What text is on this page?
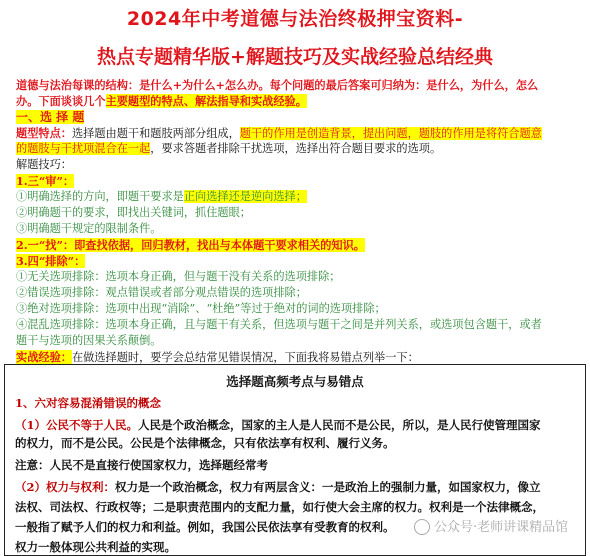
2024年中考道德与法治终极押宝资料-
热点专题精华版+解题技巧及实战经验总结经典
道德与法治每课的结构：是什么+为什么+怎么办。每个问题的最后答案可归纳为：是什么，为什么，怎么
办。下面谈谈几个主要题型的特点、解法指导和实战经验。
一、选 择 题
题型特点：选择题由题干和题肢两部分组成，题干的作用是创造背景，提出问题，题肢的作用是将符合题意
的题肢与干扰项混合在一起，要求答题者排除干扰选项，选择出符合题目要求的选项。
解题技巧：
1.三“审”：
①明确选择的方向，即题干要求是正向选择还是逆向选择；
②明确题干的要求，即找出关键词，抓住题眼；
③明确题干规定的限制条件。
2.一“找”：即查找依据，回归教材，找出与本体题干要求相关的知识。
3.四“排除”：
①无关选项排除：选项本身正确，但与题干没有关系的选项排除；
②错误选项排除：观点错误或者部分观点错误的选项排除；
③绝对选项排除：选项中出现“消除”、“杜绝”等过于绝对的词的选项排除；
④混乱选项排除：选项本身正确，且与题干有关系，但选项与题干之间是并列关系，或选项包含题干，或者
题干与选项的因果关系颠倒。
实战经验：在做选择题时，要学会总结常见错误情况，下面我将易错点列举一下：
选择题高频考点与易错点
1、六对容易混淆错误的概念
（1）公民不等于人民。人民是个政治概念，国家的主人是人民而不是公民，所以，是人民行使管理国家
的权力，而不是公民。公民是个法律概念，只有依法享有权利、履行义务。
注意：人民不是直接行使国家权力，选择题经常考
（2）权力与权利：权力是一个政治概念，权力有两层含义：一是政治上的强制力量，如国家权力，像立
法权、司法权、行政权等；二是职责范围内的支配力量，如行使大会主席的权力。权利是一个法律概念，
一般指了赋予人们的权力和利益。例如，我国公民依法享有受教育的权利。
权力一般体现公共利益的实现。
公众号·老师讲课精品馆
